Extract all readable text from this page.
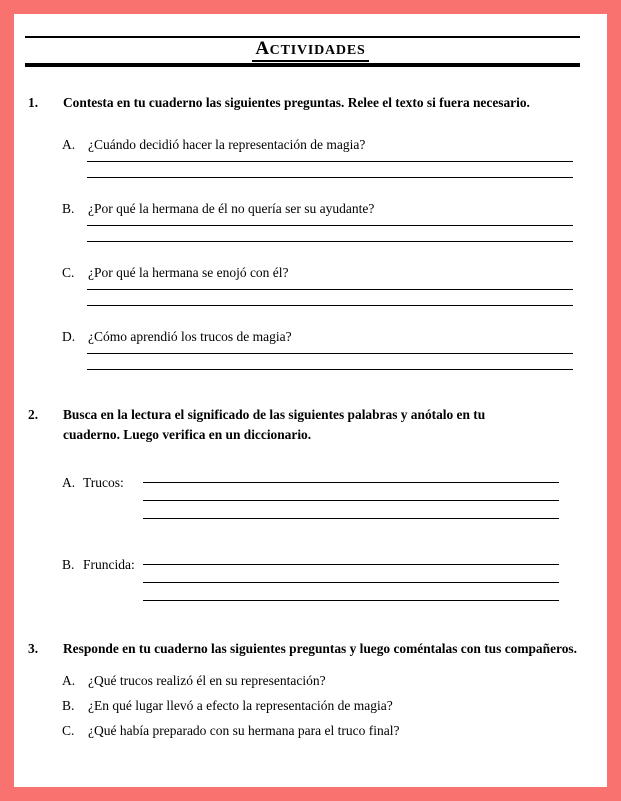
ACTIVIDADES
1.	Contesta en tu cuaderno las siguientes preguntas. Relee el texto si fuera necesario.
A. ¿Cuándo decidió hacer la representación de magia?
B.	¿Por qué la hermana de él no quería ser su ayudante?
C.	¿Por qué la hermana se enojó con él?
D. ¿Cómo aprendió los trucos de magia?
2.	Busca en la lectura el significado de las siguientes palabras y anótalo en tu cuaderno. Luego verifica en un diccionario.
A. Trucos:
B. Fruncida:
3.	Responde en tu cuaderno las siguientes preguntas y luego coméntalas con tus compañeros.
A. ¿Qué trucos realizó él en su representación?
B.	¿En qué lugar llevó a efecto la representación de magia?
C.	¿Qué había preparado con su hermana para el truco final?
